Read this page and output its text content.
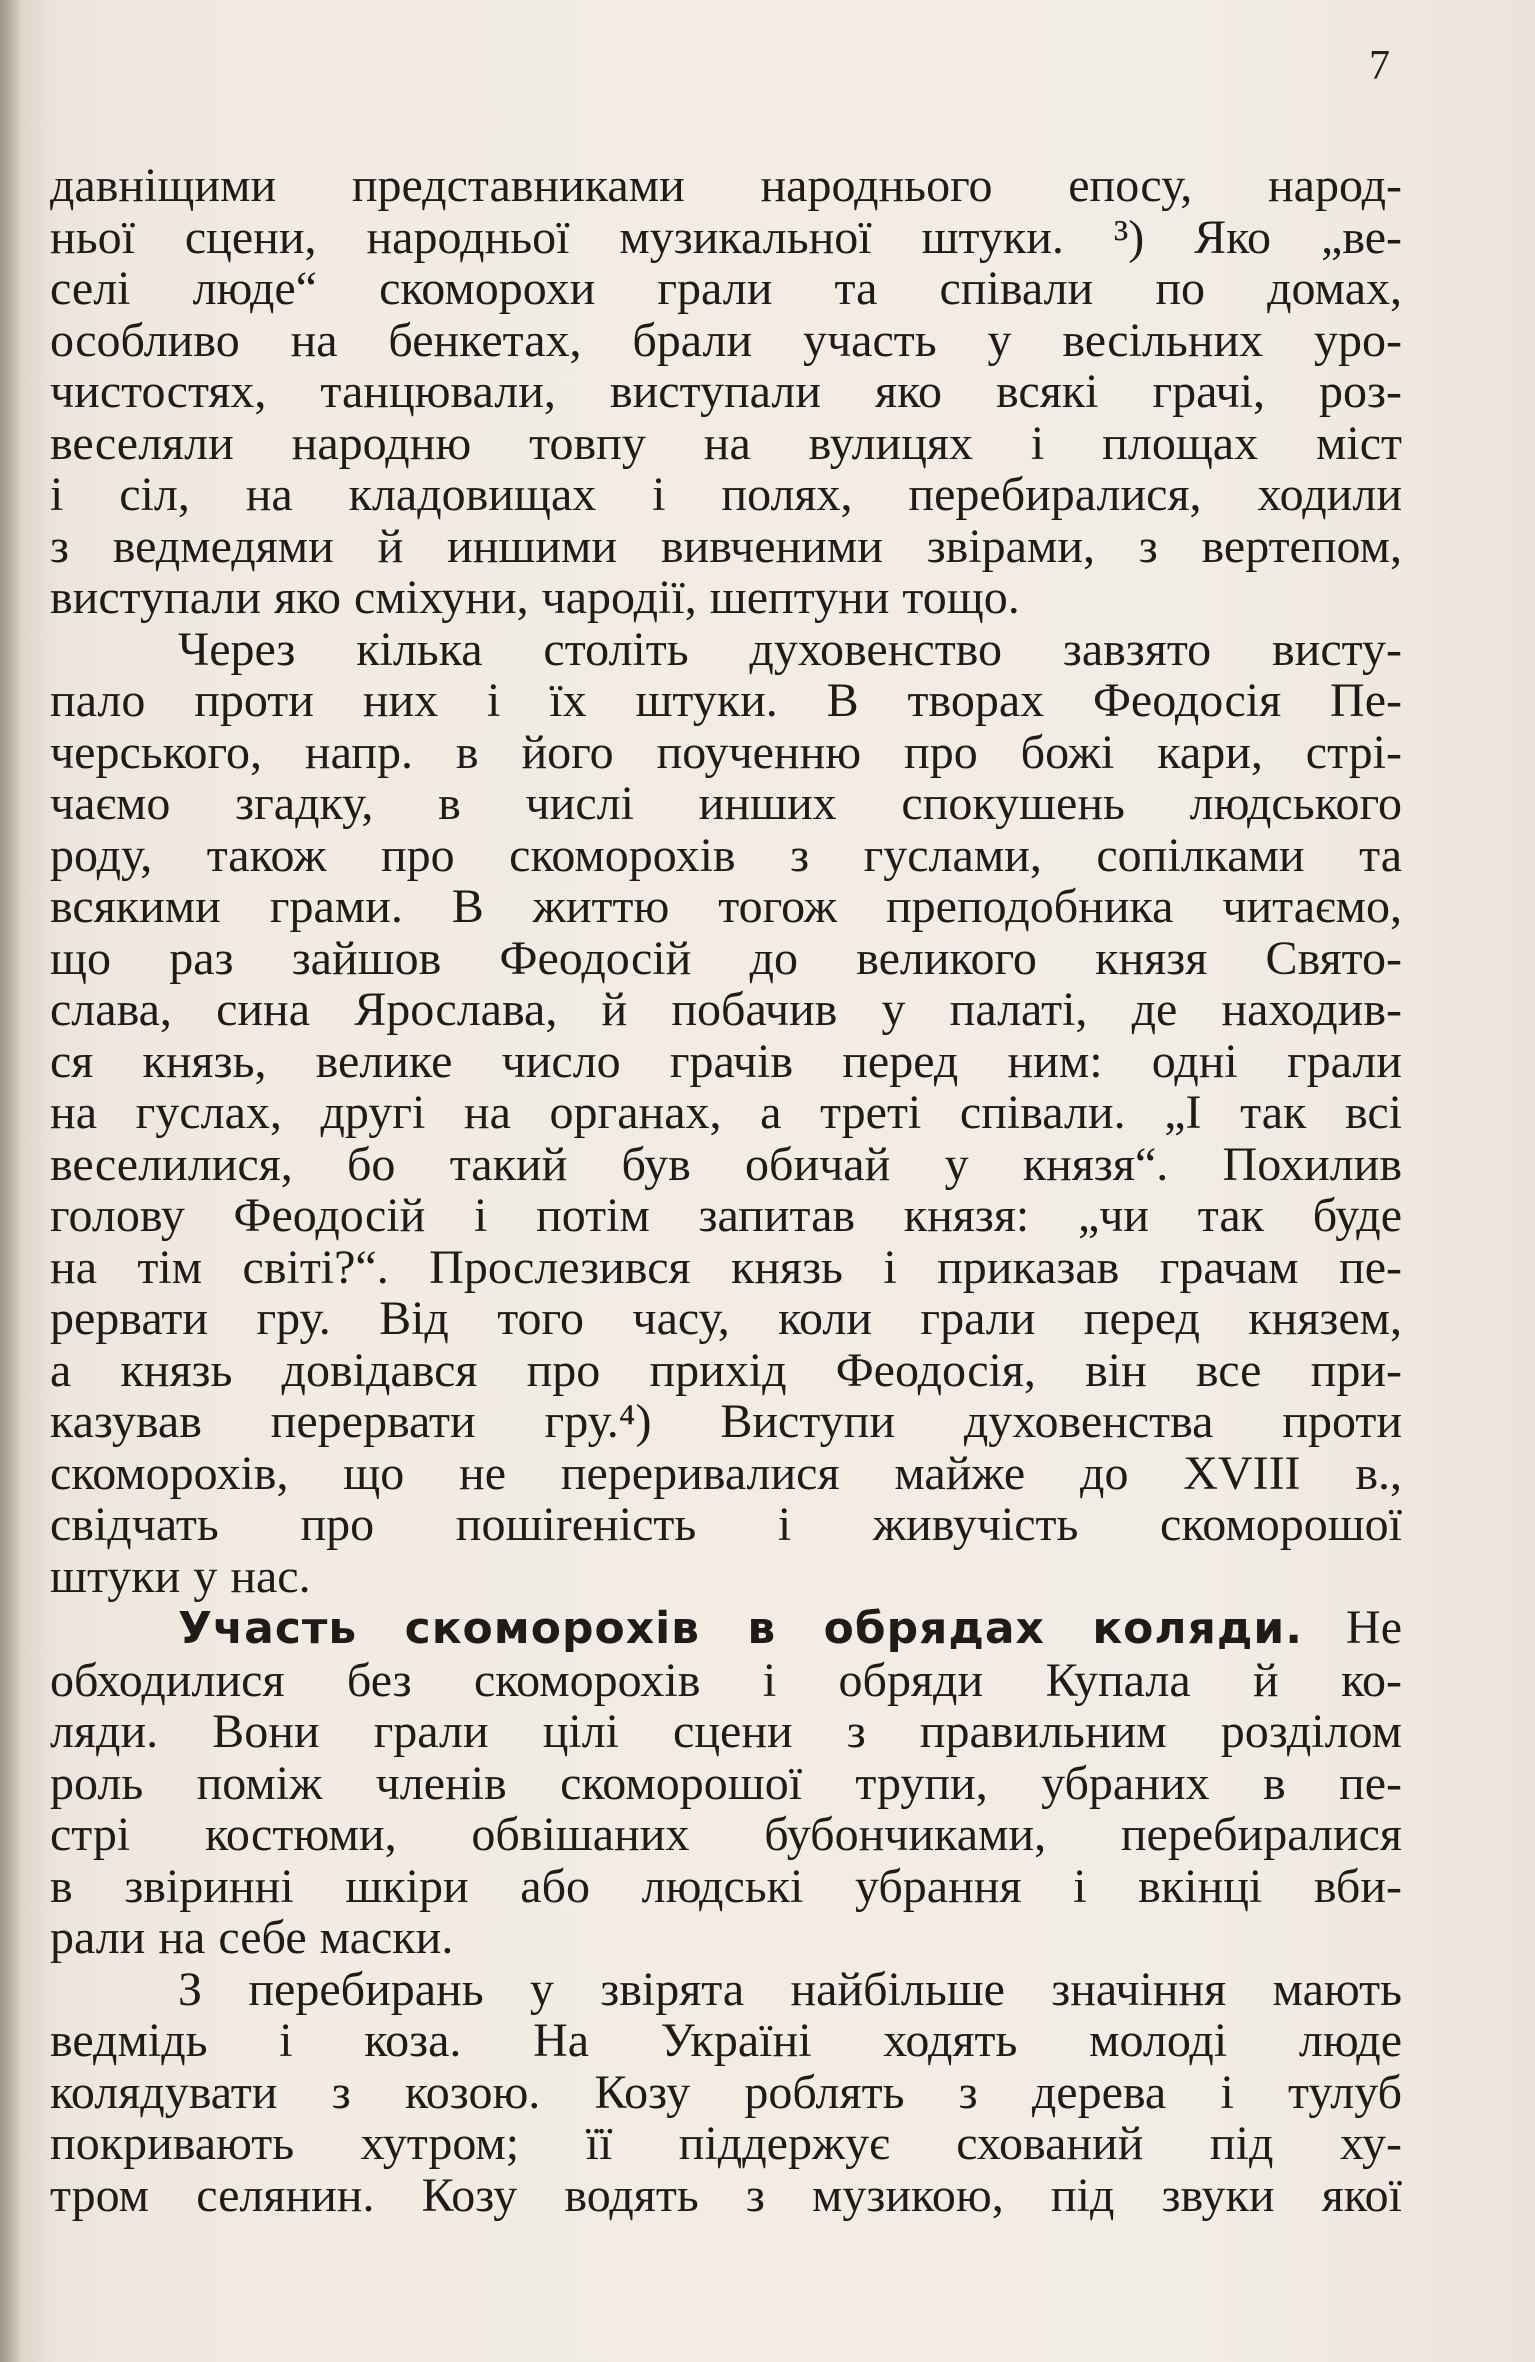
7
давніщими представниками народнього епосу, народ-
ньої сцени, народньої музикальної штуки. ³) Яко „ве-
селі люде“ скоморохи грали та співали по домах,
особливо на бенкетах, брали участь у весільних уро-
чистостях, танцювали, виступали яко всякі грачі, роз-
веселяли народню товпу на вулицях і площах міст
і сіл, на кладовищах і полях, перебиралися, ходили
з ведмедями й иншими вивченими звірами, з вертепом,
виступали яко сміхуни, чародії, шептуни тощо.
Через кілька століть духовенство завзято висту-
пало проти них і їх штуки. В творах Феодосія Пе-
черського, напр. в його поученню про божі кари, стрі-
чаємо згадку, в числі инших спокушень людського
роду, також про скоморохів з гуслами, сопілками та
всякими грами. В життю тогож преподобника читаємо,
що раз зайшов Феодосій до великого князя Свято-
слава, сина Ярослава, й побачив у палаті, де находив-
ся князь, велике число грачів перед ним: одні грали
на гуслах, другі на органах, а треті співали. „І так всі
веселилися, бо такий був обичай у князя“. Похилив
голову Феодосій і потім запитав князя: „чи так буде
на тім світі?“. Прослезився князь і приказав грачам пе-
рервати гру. Від того часу, коли грали перед князем,
а князь довідався про прихід Феодосія, він все при-
казував перервати гру.⁴) Виступи духовенства проти
скоморохів, що не переривалися майже до XVIII в.,
свідчать про пошireність і живучість скоморошої
штуки у нас.
Участь скоморохів в обрядах коляди. Не
обходилися без скоморохів і обряди Купала й ко-
ляди. Вони грали цілі сцени з правильним розділом
роль поміж членів скоморошої трупи, убраних в пе-
стрі костюми, обвішаних бубончиками, перебиралися
в звіринні шкіри або людські убрання і вкінці вби-
рали на себе маски.
З перебирань у звірята найбільше значіння мають
ведмідь і коза. На Україні ходять молоді люде
колядувати з козою. Козу роблять з дерева і тулуб
покривають хутром; її піддержує схований під ху-
тром селянин. Козу водять з музикою, під звуки якої
